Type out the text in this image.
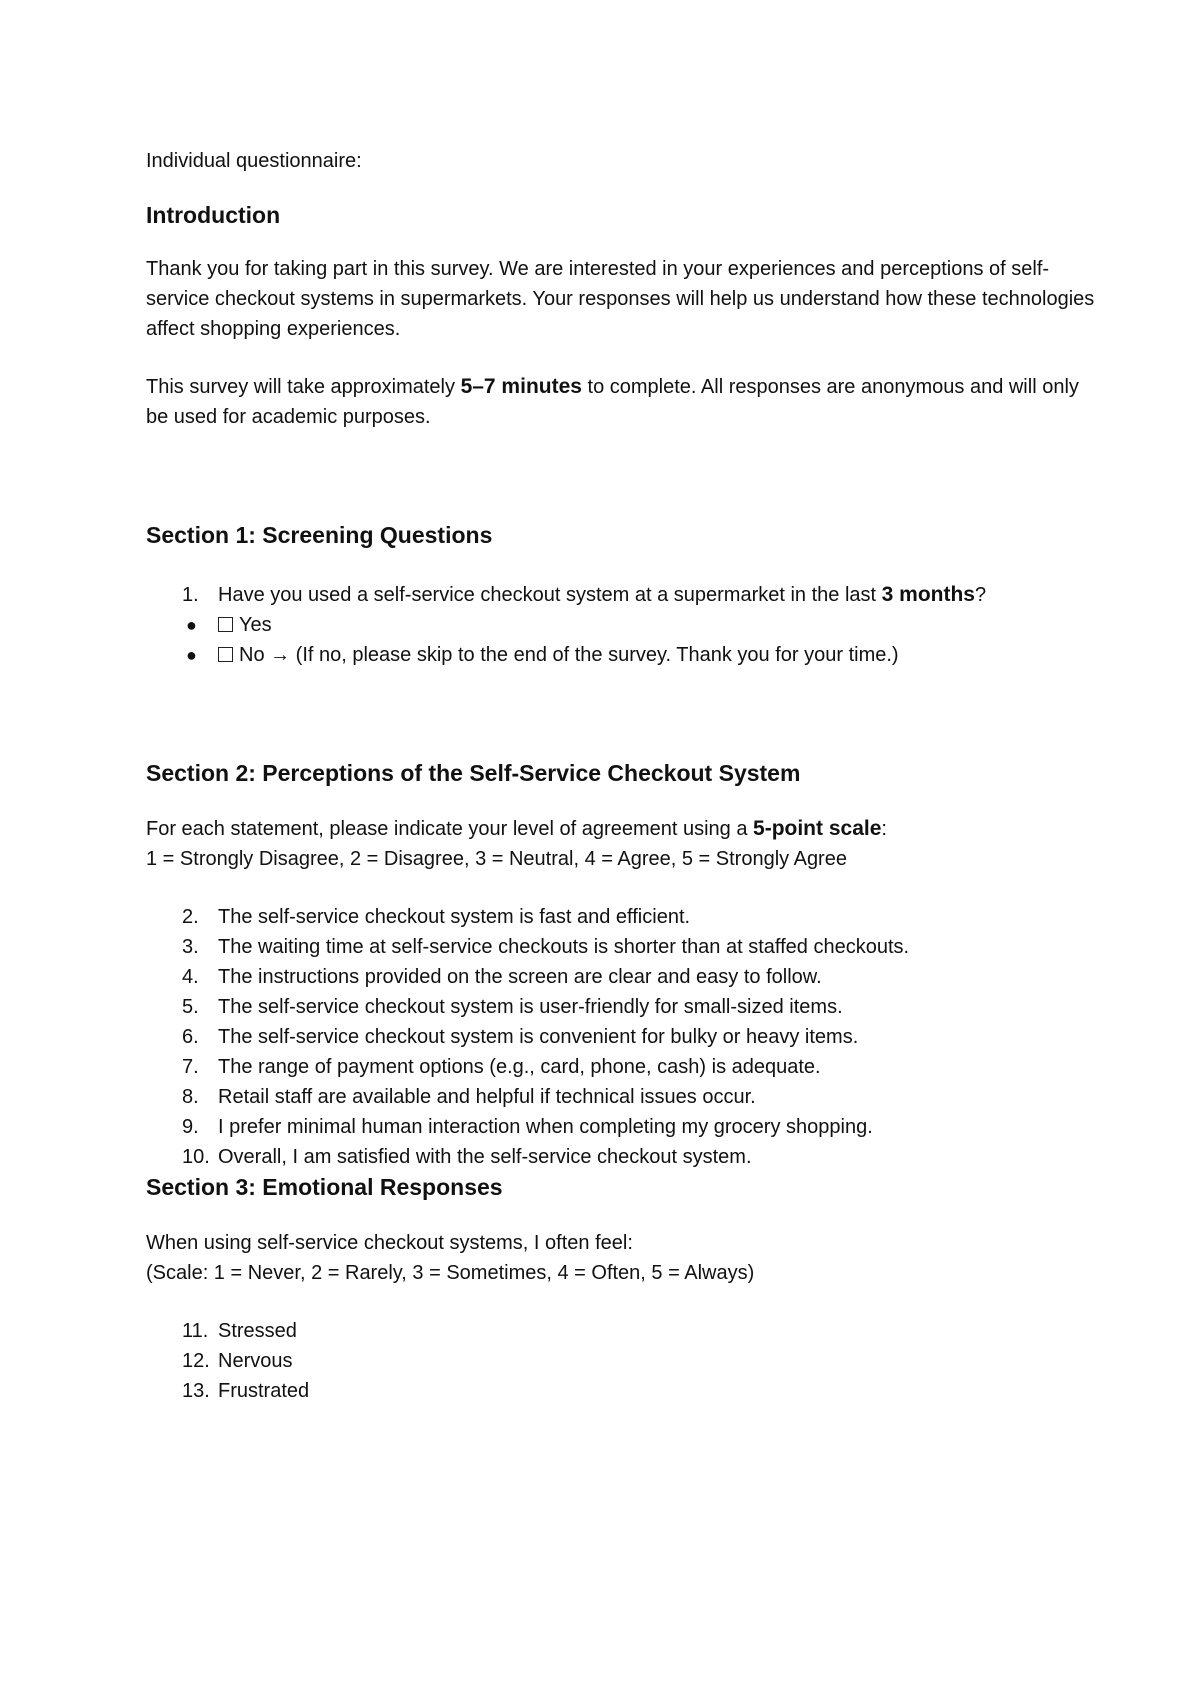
Individual questionnaire:

Introduction

Thank you for taking part in this survey. We are interested in your experiences and perceptions of self-service checkout systems in supermarkets. Your responses will help us understand how these technologies affect shopping experiences.

This survey will take approximately 5–7 minutes to complete. All responses are anonymous and will only be used for academic purposes.

Section 1: Screening Questions
1. Have you used a self-service checkout system at a supermarket in the last 3 months?
● Yes
● No → (If no, please skip to the end of the survey. Thank you for your time.)
Section 2: Perceptions of the Self-Service Checkout System

For each statement, please indicate your level of agreement using a 5-point scale:

1 = Strongly Disagree, 2 = Disagree, 3 = Neutral, 4 = Agree, 5 = Strongly Agree

2. The self-service checkout system is fast and efficient.
3. The waiting time at self-service checkouts is shorter than at staffed checkouts.
4. The instructions provided on the screen are clear and easy to follow.
5. The self-service checkout system is user-friendly for small-sized items.
6. The self-service checkout system is convenient for bulky or heavy items.
7. The range of payment options (e.g., card, phone, cash) is adequate.
8. Retail staff are available and helpful if technical issues occur.
9. I prefer minimal human interaction when completing my grocery shopping.
10. Overall, I am satisfied with the self-service checkout system.
Section 3: Emotional Responses

When using self-service checkout systems, I often feel:

(Scale: 1 = Never, 2 = Rarely, 3 = Sometimes, 4 = Often, 5 = Always)

11. Stressed
12. Nervous
13. Frustrated
